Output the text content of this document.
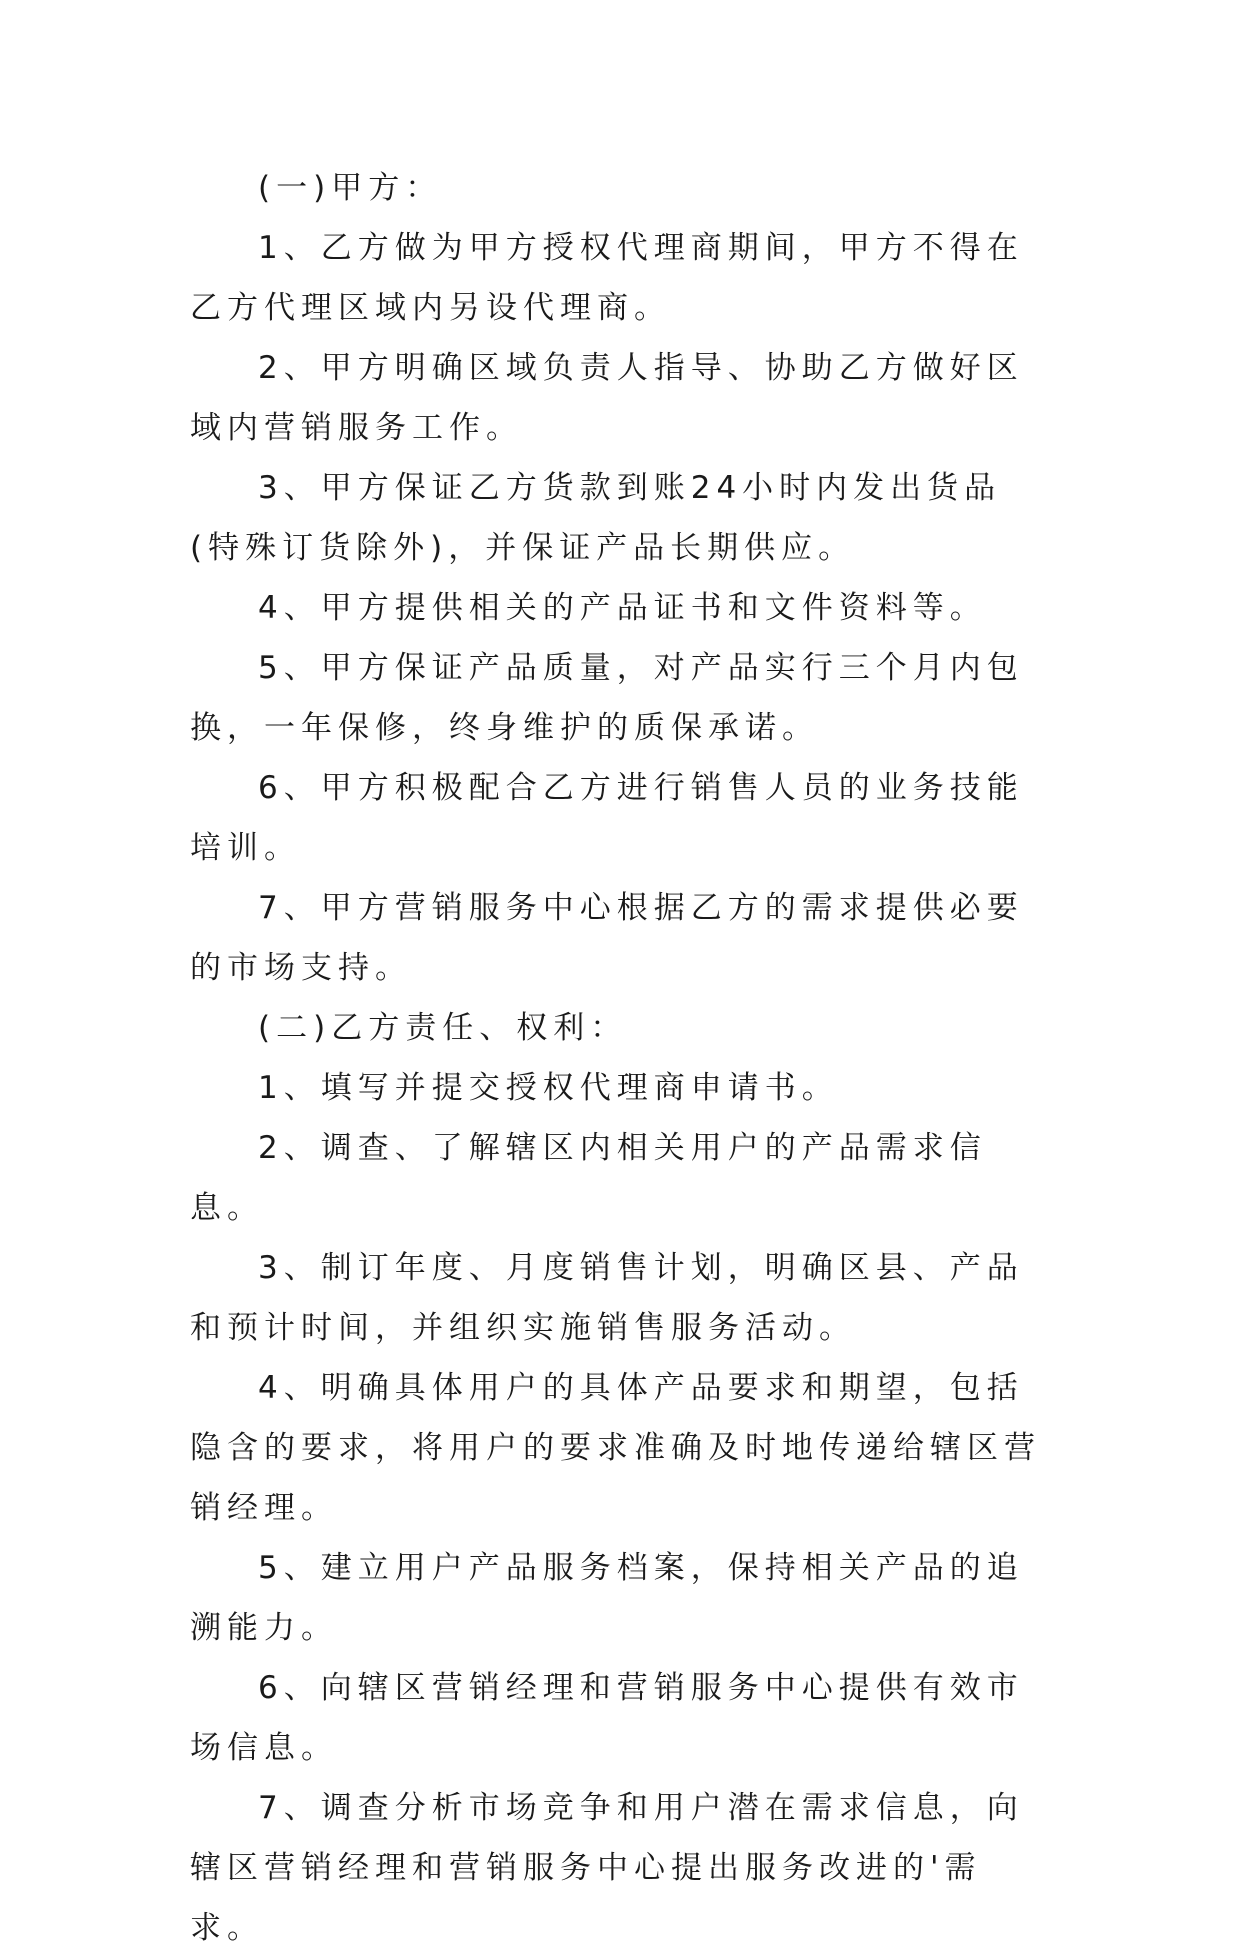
(一)甲方：

1、乙方做为甲方授权代理商期间，甲方不得在乙方代理区域内另设代理商。

2、甲方明确区域负责人指导、协助乙方做好区域内营销服务工作。

3、甲方保证乙方货款到账24小时内发出货品(特殊订货除外)，并保证产品长期供应。

4、甲方提供相关的产品证书和文件资料等。

5、甲方保证产品质量，对产品实行三个月内包换，一年保修，终身维护的质保承诺。

6、甲方积极配合乙方进行销售人员的业务技能培训。

7、甲方营销服务中心根据乙方的需求提供必要的市场支持。

(二)乙方责任、权利：

1、填写并提交授权代理商申请书。

2、调查、了解辖区内相关用户的产品需求信息。

3、制订年度、月度销售计划，明确区县、产品和预计时间，并组织实施销售服务活动。

4、明确具体用户的具体产品要求和期望，包括隐含的要求，将用户的要求准确及时地传递给辖区营销经理。

5、建立用户产品服务档案，保持相关产品的追溯能力。

6、向辖区营销经理和营销服务中心提供有效市场信息。

7、调查分析市场竞争和用户潜在需求信息，向辖区营销经理和营销服务中心提出服务改进的'需求。
